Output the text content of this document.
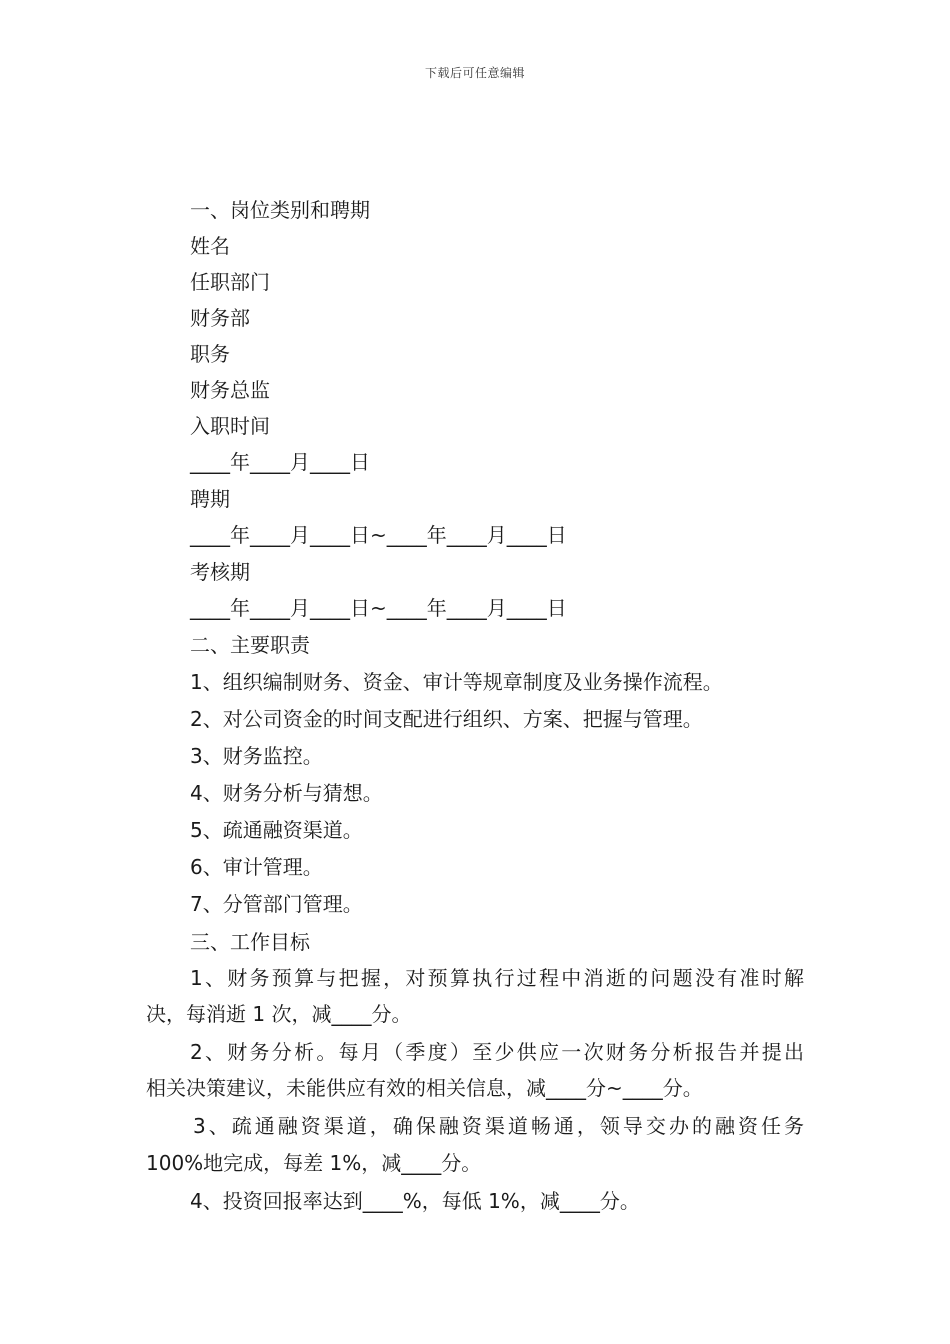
下载后可任意编辑
一、岗位类别和聘期
姓名
任职部门
财务部
职务
财务总监
入职时间
____年____月____日
聘期
____年____月____日~____年____月____日
考核期
____年____月____日~____年____月____日
二、主要职责
1、组织编制财务、资金、审计等规章制度及业务操作流程。
2、对公司资金的时间支配进行组织、方案、把握与管理。
3、财务监控。
4、财务分析与猜想。
5、疏通融资渠道。
6、审计管理。
7、分管部门管理。
三、工作目标
1、财务预算与把握，对预算执行过程中消逝的问题没有准时解
决，每消逝 1 次，减____分。
2、财务分析。每月（季度）至少供应一次财务分析报告并提出
相关决策建议，未能供应有效的相关信息，减____分~____分。
3、疏通融资渠道，确保融资渠道畅通，领导交办的融资任务
100%地完成，每差 1%，减____分。
4、投资回报率达到____%，每低 1%，减____分。
